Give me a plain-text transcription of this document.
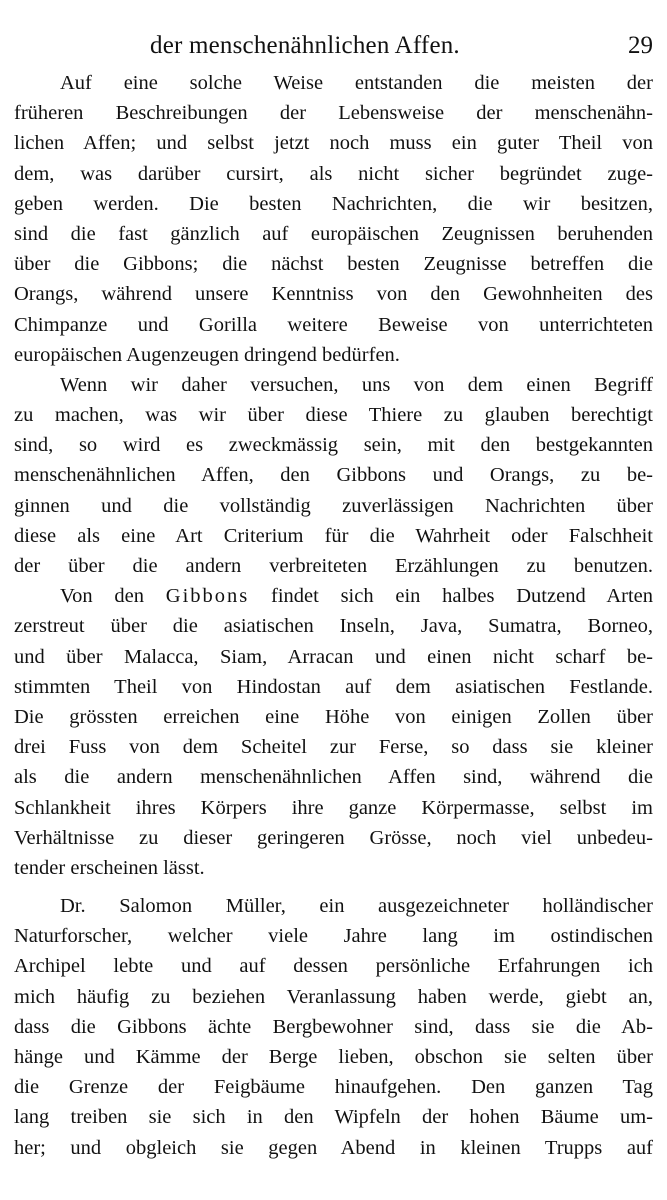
der menschenähnlichen Affen.	29
Auf eine solche Weise entstanden die meisten der
früheren Beschreibungen der Lebensweise der menschenähn-
lichen Affen; und selbst jetzt noch muss ein guter Theil von
dem, was darüber cursirt, als nicht sicher begründet zuge-
geben werden. Die besten Nachrichten, die wir besitzen,
sind die fast gänzlich auf europäischen Zeugnissen beruhenden
über die Gibbons; die nächst besten Zeugnisse betreffen die
Orangs, während unsere Kenntniss von den Gewohnheiten des
Chimpanze und Gorilla weitere Beweise von unterrichteten
europäischen Augenzeugen dringend bedürfen.
Wenn wir daher versuchen, uns von dem einen Begriff
zu machen, was wir über diese Thiere zu glauben berechtigt
sind, so wird es zweckmässig sein, mit den bestgekannten
menschenähnlichen Affen, den Gibbons und Orangs, zu be-
ginnen und die vollständig zuverlässigen Nachrichten über
diese als eine Art Criterium für die Wahrheit oder Falschheit
der über die andern verbreiteten Erzählungen zu benutzen.
Von den Gibbons findet sich ein halbes Dutzend Arten
zerstreut über die asiatischen Inseln, Java, Sumatra, Borneo,
und über Malacca, Siam, Arracan und einen nicht scharf be-
stimmten Theil von Hindostan auf dem asiatischen Festlande.
Die grössten erreichen eine Höhe von einigen Zollen über
drei Fuss von dem Scheitel zur Ferse, so dass sie kleiner
als die andern menschenähnlichen Affen sind, während die
Schlankheit ihres Körpers ihre ganze Körpermasse, selbst im
Verhältnisse zu dieser geringeren Grösse, noch viel unbedeu-
tender erscheinen lässt.
Dr. Salomon Müller, ein ausgezeichneter holländischer
Naturforscher, welcher viele Jahre lang im ostindischen
Archipel lebte und auf dessen persönliche Erfahrungen ich
mich häufig zu beziehen Veranlassung haben werde, giebt an,
dass die Gibbons ächte Bergbewohner sind, dass sie die Ab-
hänge und Kämme der Berge lieben, obschon sie selten über
die Grenze der Feigbäume hinaufgehen. Den ganzen Tag
lang treiben sie sich in den Wipfeln der hohen Bäume um-
her; und obgleich sie gegen Abend in kleinen Trupps auf
